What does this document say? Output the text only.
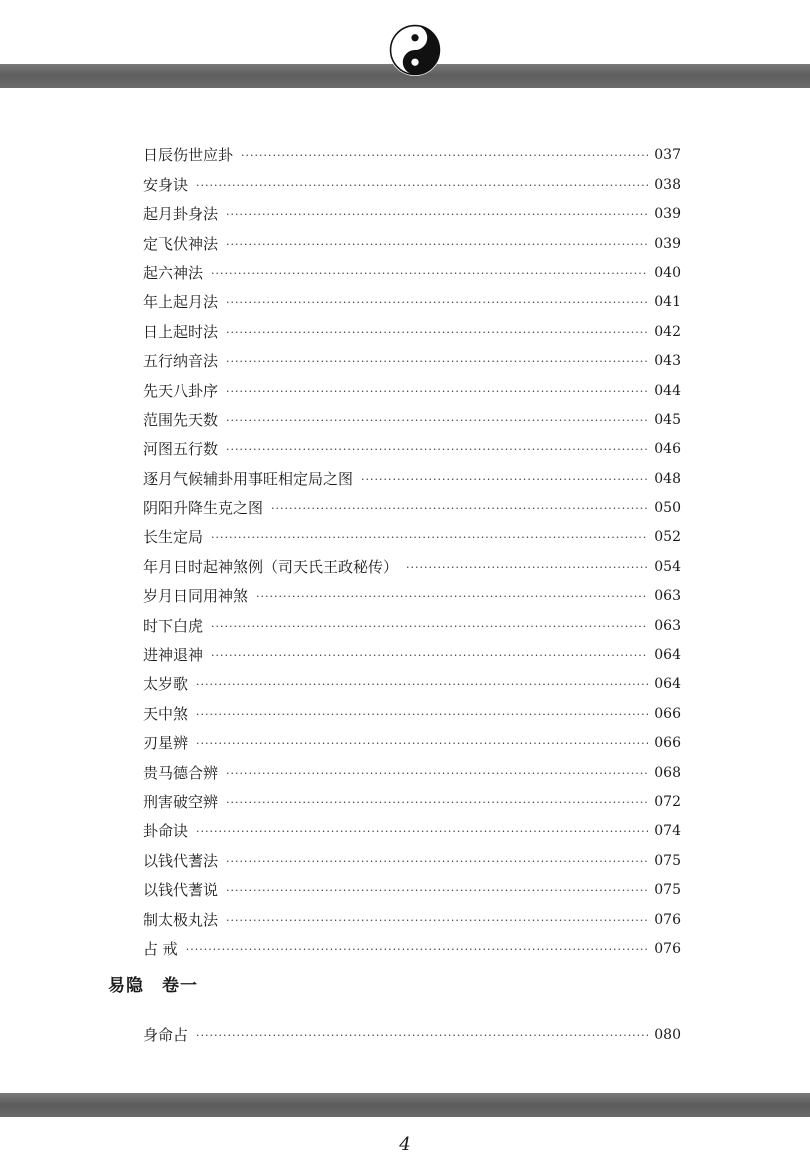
日辰伤世应卦 ·····	037
安身诀 ·····	038
起月卦身法 ·····	039
定飞伏神法 ·····	039
起六神法 ·····	040
年上起月法 ·····	041
日上起时法 ·····	042
五行纳音法 ·····	043
先天八卦序 ·····	044
范围先天数 ·····	045
河图五行数 ·····	046
逐月气候辅卦用事旺相定局之图 ·····	048
阴阳升降生克之图 ·····	050
长生定局 ·····	052
年月日时起神煞例（司天氏王政秘传） ·····	054
岁月日同用神煞 ·····	063
时下白虎 ·····	063
进神退神 ·····	064
太岁歌 ·····	064
天中煞 ·····	066
刃星辨 ·····	066
贵马德合辨 ·····	068
刑害破空辨 ·····	072
卦命诀 ·····	074
以钱代蓍法 ·····	075
以钱代蓍说 ·····	075
制太极丸法 ·····	076
占 戒 ·····	076
易隐　卷一
身命占 ·····	080
4
